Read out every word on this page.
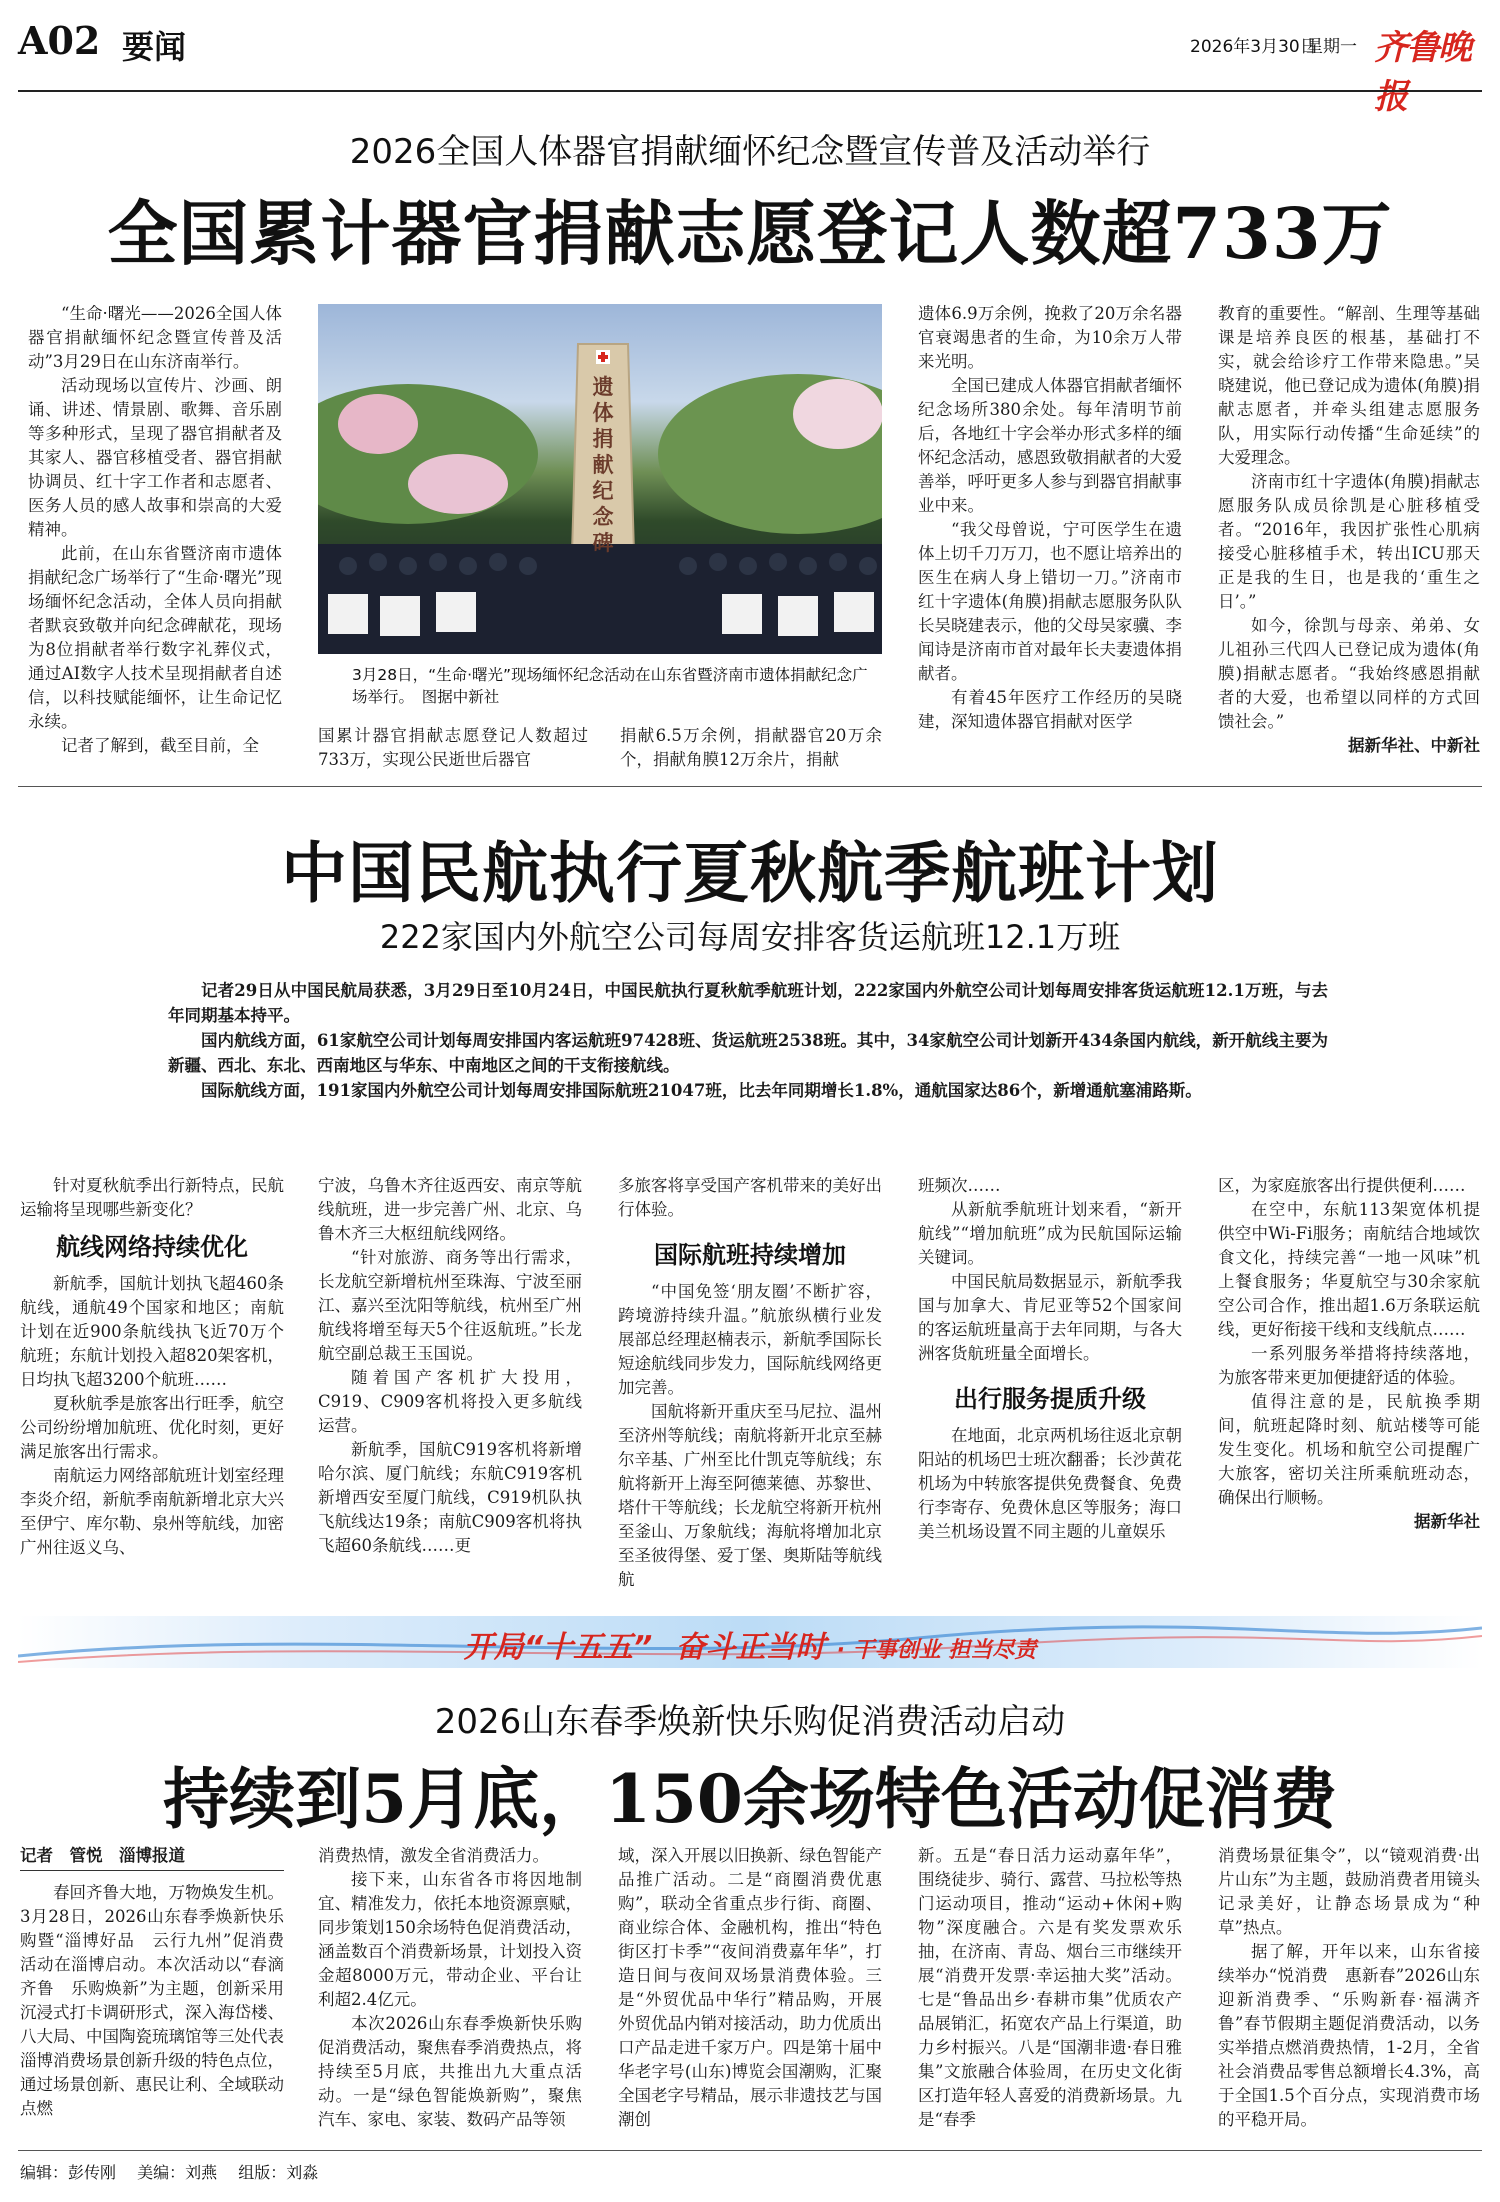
A02 要闻	2026年3月30日
星期一 齐鲁晚报
2026全国人体器官捐献缅怀纪念暨宣传普及活动举行
全国累计器官捐献志愿登记人数超733万

“生命·曙光——2026全国人体器官捐献缅怀纪念暨宣传普及活动”3月29日在山东济南举行。

活动现场以宣传片、沙画、朗诵、讲述、情景剧、歌舞、音乐剧等多种形式，呈现了器官捐献者及其家人、器官移植受者、器官捐献协调员、红十字工作者和志愿者、医务人员的感人故事和崇高的大爱精神。

此前，在山东省暨济南市遗体捐献纪念广场举行了“生命·曙光”现场缅怀纪念活动，全体人员向捐献者默哀致敬并向纪念碑献花，现场为8位捐献者举行数字礼葬仪式，通过AI数字人技术呈现捐献者自述信，以科技赋能缅怀，让生命记忆永续。

记者了解到，截至目前，全

遗体捐献纪念碑
3月28日，“生命·曙光”现场缅怀纪念活动在山东省暨济南市遗体捐献纪念广场举行。　图据中新社

国累计器官捐献志愿登记人数超过733万，实现公民逝世后器官

捐献6.5万余例，捐献器官20万余个，捐献角膜12万余片，捐献

遗体6.9万余例，挽救了20万余名器官衰竭患者的生命，为10余万人带来光明。

全国已建成人体器官捐献者缅怀纪念场所380余处。每年清明节前后，各地红十字会举办形式多样的缅怀纪念活动，感恩致敬捐献者的大爱善举，呼吁更多人参与到器官捐献事业中来。

“我父母曾说，宁可医学生在遗体上切千刀万刀，也不愿让培养出的医生在病人身上错切一刀。”济南市红十字遗体(角膜)捐献志愿服务队队长吴晓建表示，他的父母吴家骥、李闻诗是济南市首对最年长夫妻遗体捐献者。

有着45年医疗工作经历的吴晓建，深知遗体器官捐献对医学

教育的重要性。“解剖、生理等基础课是培养良医的根基，基础打不实，就会给诊疗工作带来隐患。”吴晓建说，他已登记成为遗体(角膜)捐献志愿者，并牵头组建志愿服务队，用实际行动传播“生命延续”的大爱理念。

济南市红十字遗体(角膜)捐献志愿服务队成员徐凯是心脏移植受者。“2016年，我因扩张性心肌病接受心脏移植手术，转出ICU那天正是我的生日，也是我的‘重生之日’。”

如今，徐凯与母亲、弟弟、女儿祖孙三代四人已登记成为遗体(角膜)捐献志愿者。“我始终感恩捐献者的大爱，也希望以同样的方式回馈社会。”

据新华社、中新社

中国民航执行夏秋航季航班计划
222家国内外航空公司每周安排客货运航班12.1万班

记者29日从中国民航局获悉，3月29日至10月24日，中国民航执行夏秋航季航班计划，222家国内外航空公司计划每周安排客货运航班12.1万班，与去年同期基本持平。

国内航线方面，61家航空公司计划每周安排国内客运航班97428班、货运航班2538班。其中，34家航空公司计划新开434条国内航线，新开航线主要为新疆、西北、东北、西南地区与华东、中南地区之间的干支衔接航线。

国际航线方面，191家国内外航空公司计划每周安排国际航班21047班，比去年同期增长1.8%，通航国家达86个，新增通航塞浦路斯。

针对夏秋航季出行新特点，民航运输将呈现哪些新变化？

航线网络持续优化

新航季，国航计划执飞超460条航线，通航49个国家和地区；南航计划在近900条航线执飞近70万个航班；东航计划投入超820架客机，日均执飞超3200个航班……

夏秋航季是旅客出行旺季，航空公司纷纷增加航班、优化时刻，更好满足旅客出行需求。

南航运力网络部航班计划室经理李炎介绍，新航季南航新增北京大兴至伊宁、库尔勒、泉州等航线，加密广州往返义乌、

宁波，乌鲁木齐往返西安、南京等航线航班，进一步完善广州、北京、乌鲁木齐三大枢纽航线网络。

“针对旅游、商务等出行需求，长龙航空新增杭州至珠海、宁波至丽江、嘉兴至沈阳等航线，杭州至广州航线将增至每天5个往返航班。”长龙航空副总裁王玉国说。

随着国产客机扩大投用，C919、C909客机将投入更多航线运营。

新航季，国航C919客机将新增哈尔滨、厦门航线；东航C919客机新增西安至厦门航线，C919机队执飞航线达19条；南航C909客机将执飞超60条航线……更

多旅客将享受国产客机带来的美好出行体验。

国际航班持续增加

“中国免签‘朋友圈’不断扩容，跨境游持续升温。”航旅纵横行业发展部总经理赵楠表示，新航季国际长短途航线同步发力，国际航线网络更加完善。

国航将新开重庆至马尼拉、温州至济州等航线；南航将新开北京至赫尔辛基、广州至比什凯克等航线；东航将新开上海至阿德莱德、苏黎世、塔什干等航线；长龙航空将新开杭州至釜山、万象航线；海航将增加北京至圣彼得堡、爱丁堡、奥斯陆等航线航

班频次……

从新航季航班计划来看，“新开航线”“增加航班”成为民航国际运输关键词。

中国民航局数据显示，新航季我国与加拿大、肯尼亚等52个国家间的客运航班量高于去年同期，与各大洲客货航班量全面增长。

出行服务提质升级

在地面，北京两机场往返北京朝阳站的机场巴士班次翻番；长沙黄花机场为中转旅客提供免费餐食、免费行李寄存、免费休息区等服务；海口美兰机场设置不同主题的儿童娱乐

区，为家庭旅客出行提供便利……

在空中，东航113架宽体机提供空中Wi-Fi服务；南航结合地域饮食文化，持续完善“一地一风味”机上餐食服务；华夏航空与30余家航空公司合作，推出超1.6万条联运航线，更好衔接干线和支线航点……

一系列服务举措将持续落地，为旅客带来更加便捷舒适的体验。

值得注意的是，民航换季期间，航班起降时刻、航站楼等可能发生变化。机场和航空公司提醒广大旅客，密切关注所乘航班动态，确保出行顺畅。

据新华社

开局“十五五” 奋斗正当时 · 干事创业 担当尽责
2026山东春季焕新快乐购促消费活动启动
持续到5月底，150余场特色活动促消费

记者　管悦　淄博报道

春回齐鲁大地，万物焕发生机。3月28日，2026山东春季焕新快乐购暨“淄博好品　云行九州”促消费活动在淄博启动。本次活动以“春滴齐鲁　乐购焕新”为主题，创新采用沉浸式打卡调研形式，深入海岱楼、八大局、中国陶瓷琉璃馆等三处代表淄博消费场景创新升级的特色点位，通过场景创新、惠民让利、全域联动点燃

消费热情，激发全省消费活力。

接下来，山东省各市将因地制宜、精准发力，依托本地资源禀赋，同步策划150余场特色促消费活动，涵盖数百个消费新场景，计划投入资金超8000万元，带动企业、平台让利超2.4亿元。

本次2026山东春季焕新快乐购促消费活动，聚焦春季消费热点，将持续至5月底，共推出九大重点活动。一是“绿色智能焕新购”，聚焦汽车、家电、家装、数码产品等领

域，深入开展以旧换新、绿色智能产品推广活动。二是“商圈消费优惠购”，联动全省重点步行街、商圈、商业综合体、金融机构，推出“特色街区打卡季”“夜间消费嘉年华”，打造日间与夜间双场景消费体验。三是“外贸优品中华行”精品购，开展外贸优品内销对接活动，助力优质出口产品走进千家万户。四是第十届中华老字号(山东)博览会国潮购，汇聚全国老字号精品，展示非遗技艺与国潮创

新。五是“春日活力运动嘉年华”，围绕徒步、骑行、露营、马拉松等热门运动项目，推动“运动+休闲+购物”深度融合。六是有奖发票欢乐抽，在济南、青岛、烟台三市继续开展“消费开发票·幸运抽大奖”活动。七是“鲁品出乡·春耕市集”优质农产品展销汇，拓宽农产品上行渠道，助力乡村振兴。八是“国潮非遗·春日雅集”文旅融合体验周，在历史文化街区打造年轻人喜爱的消费新场景。九是“春季

消费场景征集令”，以“镜观消费·出片山东”为主题，鼓励消费者用镜头记录美好，让静态场景成为“种草”热点。

据了解，开年以来，山东省接续举办“悦消费　惠新春”2026山东迎新消费季、“乐购新春·福满齐鲁”春节假期主题促消费活动，以务实举措点燃消费热情，1-2月，全省社会消费品零售总额增长4.3%，高于全国1.5个百分点，实现消费市场的平稳开局。

编辑：彭传刚 美编：刘燕 组版：刘淼
